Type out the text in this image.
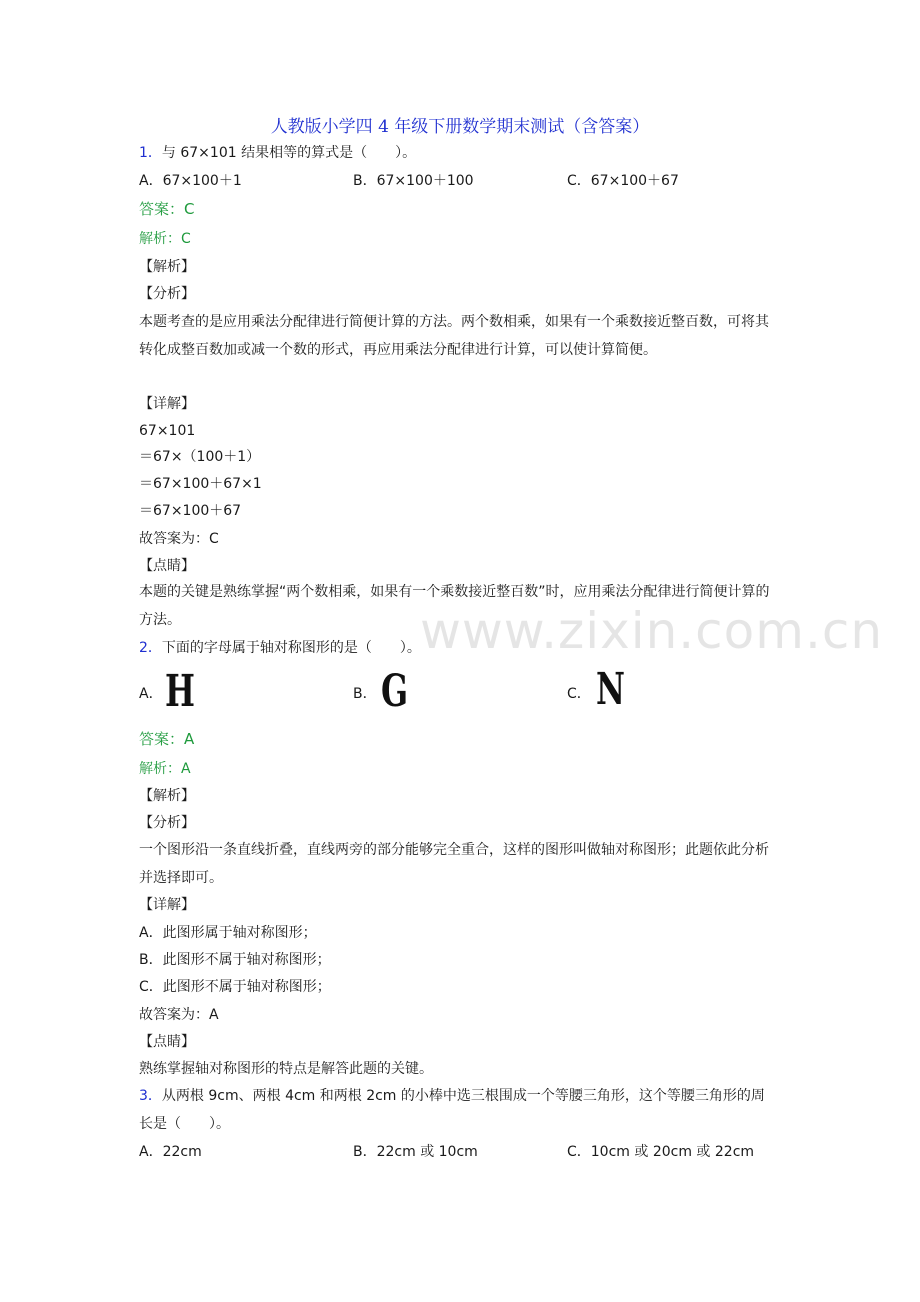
www.zixin.com.cn
人教版小学四 4 年级下册数学期末测试（含答案）
1．与 67×101 结果相等的算式是（　　）。
A．67×100＋1	B．67×100＋100	C．67×100＋67
答案：C
解析：C
【解析】
【分析】
本题考查的是应用乘法分配律进行简便计算的方法。两个数相乘，如果有一个乘数接近整百数，可将其转化成整百数加或减一个数的形式，再应用乘法分配律进行计算，可以使计算简便。
【详解】
67×101
＝67×（100＋1）
＝67×100＋67×1
＝67×100＋67
故答案为：C
【点睛】
本题的关键是熟练掌握“两个数相乘，如果有一个乘数接近整百数”时，应用乘法分配律进行简便计算的方法。
2．下面的字母属于轴对称图形的是（　　）。
A． H	B． G	C． N
答案：A
解析：A
【解析】
【分析】
一个图形沿一条直线折叠，直线两旁的部分能够完全重合，这样的图形叫做轴对称图形；此题依此分析并选择即可。
【详解】
A．此图形属于轴对称图形；
B．此图形不属于轴对称图形；
C．此图形不属于轴对称图形；
故答案为：A
【点睛】
熟练掌握轴对称图形的特点是解答此题的关键。
3．从两根 9cm、两根 4cm 和两根 2cm 的小棒中选三根围成一个等腰三角形，这个等腰三角形的周长是（　　）。
A．22cm	B．22cm 或 10cm	C．10cm 或 20cm 或 22cm
